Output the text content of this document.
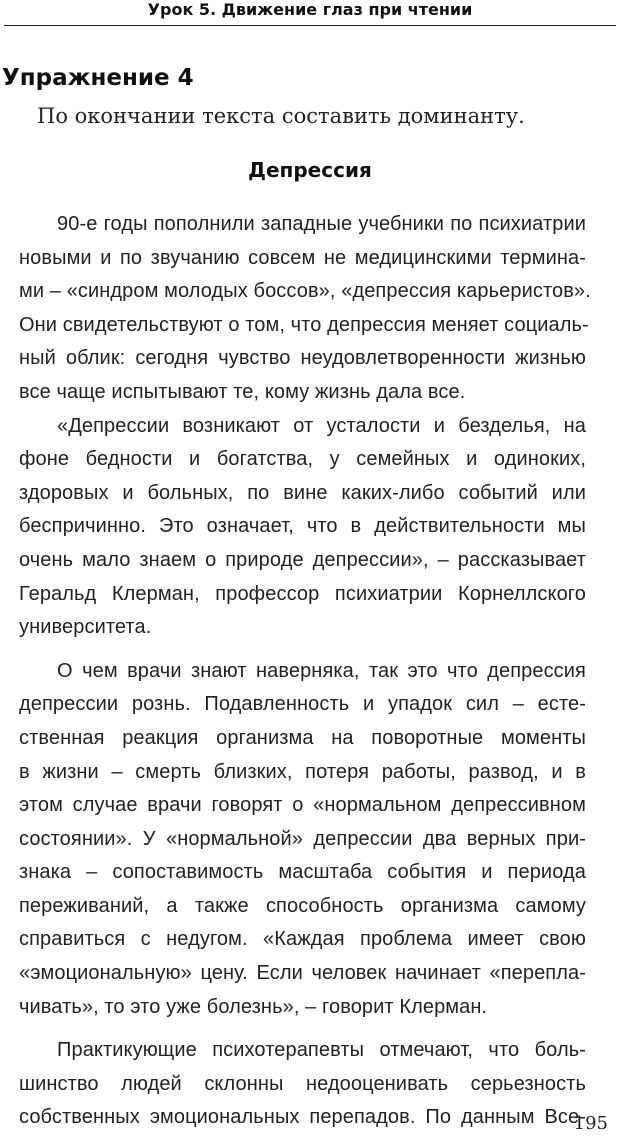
Урок 5. Движение глаз при чтении
Упражнение 4
По окончании текста составить доминанту.
Депрессия
90-е годы пополнили западные учебники по психиатрии
новыми и по звучанию совсем не медицинскими термина-
ми – «синдром молодых боссов», «депрессия карьеристов».
Они свидетельствуют о том, что депрессия меняет социаль-
ный облик: сегодня чувство неудовлетворенности жизнью
все чаще испытывают те, кому жизнь дала все.
«Депрессии возникают от усталости и безделья, на
фоне бедности и богатства, у семейных и одиноких,
здоровых и больных, по вине каких-либо событий или
беспричинно. Это означает, что в действительности мы
очень мало знаем о природе депрессии», – рассказывает
Геральд Клерман, профессор психиатрии Корнеллского
университета.
О чем врачи знают наверняка, так это что депрессия
депрессии рознь. Подавленность и упадок сил – есте-
ственная реакция организма на поворотные моменты
в жизни – смерть близких, потеря работы, развод, и в
этом случае врачи говорят о «нормальном депрессивном
состоянии». У «нормальной» депрессии два верных при-
знака – сопоставимость масштаба события и периода
переживаний, а также способность организма самому
справиться с недугом. «Каждая проблема имеет свою
«эмоциональную» цену. Если человек начинает «перепла-
чивать», то это уже болезнь», – говорит Клерман.
Практикующие психотерапевты отмечают, что боль-
шинство людей склонны недооценивать серьезность
собственных эмоциональных перепадов. По данным Все-
195
